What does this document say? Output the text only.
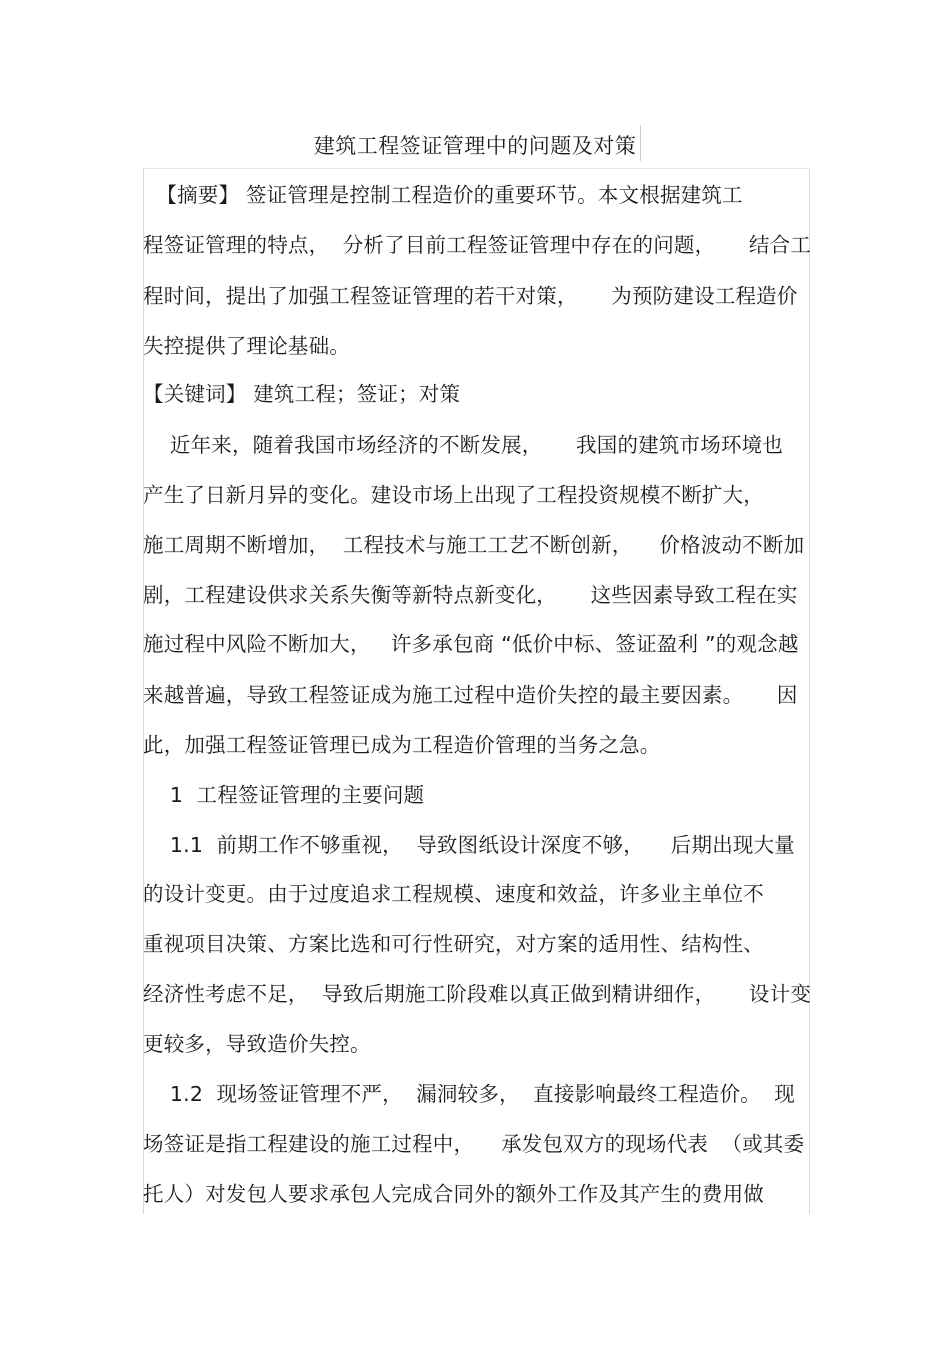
建筑工程签证管理中的问题及对策
【摘要】 签证管理是控制工程造价的重要环节。本文根据建筑工
程签证管理的特点，  分析了目前工程签证管理中存在的问题，     结合工
程时间，提出了加强工程签证管理的若干对策，     为预防建设工程造价
失控提供了理论基础。
【关键词】 建筑工程；签证；对策
近年来，随着我国市场经济的不断发展，     我国的建筑市场环境也
产生了日新月异的变化。建设市场上出现了工程投资规模不断扩大，
施工周期不断增加，  工程技术与施工工艺不断创新，    价格波动不断加
剧，工程建设供求关系失衡等新特点新变化，     这些因素导致工程在实
施过程中风险不断加大，   许多承包商 “低价中标、签证盈利 ”的观念越
来越普遍，导致工程签证成为施工过程中造价失控的最主要因素。     因
此，加强工程签证管理已成为工程造价管理的当务之急。
1  工程签证管理的主要问题
1.1  前期工作不够重视，  导致图纸设计深度不够，    后期出现大量
的设计变更。由于过度追求工程规模、速度和效益，许多业主单位不
重视项目决策、方案比选和可行性研究，对方案的适用性、结构性、
经济性考虑不足，  导致后期施工阶段难以真正做到精讲细作，     设计变
更较多，导致造价失控。
1.2  现场签证管理不严，  漏洞较多，  直接影响最终工程造价。  现
场签证是指工程建设的施工过程中，    承发包双方的现场代表  （或其委
托人）对发包人要求承包人完成合同外的额外工作及其产生的费用做
